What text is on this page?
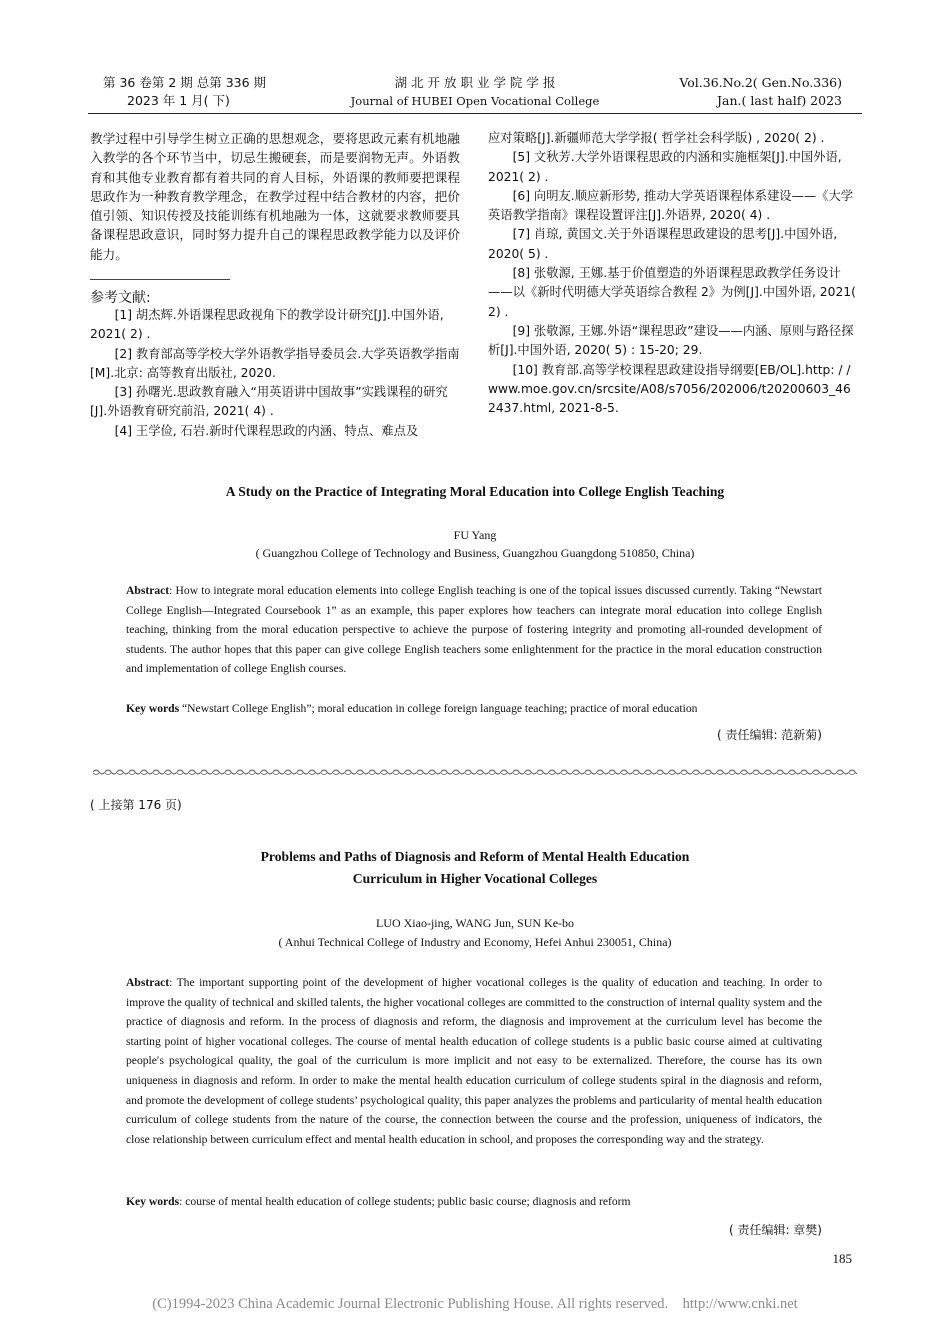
第 36 卷第 2 期 总第 336 期
2023 年 1 月( 下)
湖 北 开 放 职 业 学 院 学 报
Journal of HUBEI Open Vocational College
Vol.36.No.2( Gen.No.336)
Jan.( last half) 2023
教学过程中引导学生树立正确的思想观念，要将思政元素有机地融入教学的各个环节当中，切忌生搬硬套，而是要润物无声。外语教育和其他专业教育都有着共同的育人目标，外语课的教师要把课程思政作为一种教育教学理念，在教学过程中结合教材的内容，把价值引领、知识传授及技能训练有机地融为一体，这就要求教师要具备课程思政意识，同时努力提升自己的课程思政教学能力以及评价能力。
参考文献:

[1] 胡杰辉.外语课程思政视角下的教学设计研究[J].中国外语, 2021( 2) .

[2] 教育部高等学校大学外语教学指导委员会.大学英语教学指南[M].北京: 高等教育出版社, 2020.

[3] 孙曙光.思政教育融入“用英语讲中国故事”实践课程的研究[J].外语教育研究前沿, 2021( 4) .

[4] 王学俭, 石岩.新时代课程思政的内涵、特点、难点及

应对策略[J].新疆师范大学学报( 哲学社会科学版) , 2020( 2) .

[5] 文秋芳.大学外语课程思政的内涵和实施框架[J].中国外语, 2021( 2) .

[6] 向明友.顺应新形势, 推动大学英语课程体系建设——《大学英语教学指南》课程设置评注[J].外语界, 2020( 4) .

[7] 肖琼, 黄国文.关于外语课程思政建设的思考[J].中国外语, 2020( 5) .

[8] 张敬源, 王娜.基于价值塑造的外语课程思政教学任务设计——以《新时代明德大学英语综合教程 2》为例[J].中国外语, 2021( 2) .

[9] 张敬源, 王娜.外语“课程思政”建设——内涵、原则与路径探析[J].中国外语, 2020( 5) : 15-20; 29.

[10] 教育部.高等学校课程思政建设指导纲要[EB/OL].http: / /www.moe.gov.cn/srcsite/A08/s7056/202006/t20200603_462437.html, 2021-8-5.

A Study on the Practice of Integrating Moral Education into College English Teaching
FU Yang
( Guangzhou College of Technology and Business, Guangzhou Guangdong 510850, China)
Abstract: How to integrate moral education elements into college English teaching is one of the topical issues discussed currently. Taking “Newstart College English—Integrated Coursebook 1” as an example, this paper explores how teachers can integrate moral education into college English teaching, thinking from the moral education perspective to achieve the purpose of fostering integrity and promoting all-rounded development of students. The author hopes that this paper can give college English teachers some enlightenment for the practice in the moral education construction and implementation of college English courses.
Key words “Newstart College English”; moral education in college foreign language teaching; practice of moral education
( 责任编辑: 范新菊)
( 上接第 176 页)
Problems and Paths of Diagnosis and Reform of Mental Health Education
Curriculum in Higher Vocational Colleges
LUO Xiao-jing, WANG Jun, SUN Ke-bo
( Anhui Technical College of Industry and Economy, Hefei Anhui 230051, China)
Abstract: The important supporting point of the development of higher vocational colleges is the quality of education and teaching. In order to improve the quality of technical and skilled talents, the higher vocational colleges are committed to the construction of internal quality system and the practice of diagnosis and reform. In the process of diagnosis and reform, the diagnosis and improvement at the curriculum level has become the starting point of higher vocational colleges. The course of mental health education of college students is a public basic course aimed at cultivating people′s psychological quality, the goal of the curriculum is more implicit and not easy to be externalized. Therefore, the course has its own uniqueness in diagnosis and reform. In order to make the mental health education curriculum of college students spiral in the diagnosis and reform, and promote the development of college students’ psychological quality, this paper analyzes the problems and particularity of mental health education curriculum of college students from the nature of the course, the connection between the course and the profession, uniqueness of indicators, the close relationship between curriculum effect and mental health education in school, and proposes the corresponding way and the strategy.
Key words: course of mental health education of college students; public basic course; diagnosis and reform
( 责任编辑: 章樊)
185
(C)1994-2023 China Academic Journal Electronic Publishing House. All rights reserved.    http://www.cnki.net
